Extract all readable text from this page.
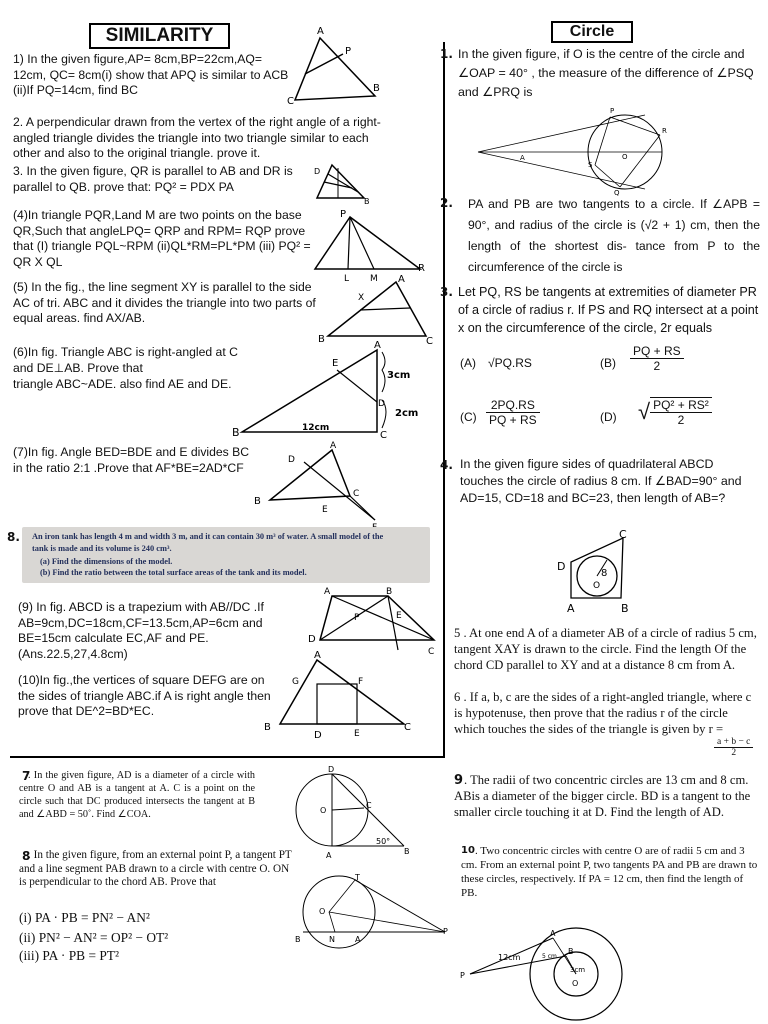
SIMILARITY
1) In the given figure,AP= 8cm,BP=22cm,AQ= 12cm, QC= 8cm(i) show that APQ is similar to ACB (ii)If PQ=14cm, find BC
A
P
B
C
2. A perpendicular drawn from the vertex of the right angle of a right-angled triangle divides the triangle into two triangle similar to each other and also to the original triangle. prove it.
3. In the given figure, QR is parallel to AB and DR is parallel to QB. prove that: PQ² = PDX PA
D
B
(4)In triangle PQR,Land M are two points on the base QR,Such that angleLPQ= QRP and RPM= RQP prove that (I) triangle PQL~RPM (ii)QL*RM=PL*PM (iii) PQ² = QR X QL
P
L M
R
(5) In the fig., the line segment XY is parallel to the side AC of tri. ABC and it divides the triangle into two parts of equal areas. find AX/AB.
A
X
B	C
(6)In fig. Triangle ABC is right-angled at C
and DE⊥AB. Prove that
triangle ABC~ADE. also find AE and DE.
E
A
D
B	C
3cm
2cm
12cm
(7)In fig. Angle BED=BDE and E divides BC in the ratio 2:1 .Prove that AF*BE=2AD*CF
A
D
B
C
E
8. An iron tank has length 4 m and width 3 m, and it can contain 30 m³ of water. A small model of the
tank is made and its volume is 240 cm³.
(a) Find the dimensions of the model.
(b) Find the ratio between the total surface areas of the tank and its model.
(9) In fig. ABCD is a trapezium with AB//DC .If AB=9cm,DC=18cm,CF=13.5cm,AP=6cm and BE=15cm calculate EC,AF and PE. (Ans.22.5,27,4.8cm)
A	B
P	E
D
C
(10)In fig.,the vertices of square DEFG are on the sides of triangle ABC.if A is right angle then prove that DE^2=BD*EC.
A
G	F
B
D	E
C
Circle
1. In the given figure, if O is the centre of the circle and ∠OAP = 40° , the measure of the difference of ∠PSQ and ∠PRQ is
P
R
A	O
S
Q
2. PA and PB are two tangents to a circle. If ∠APB = 90°, and radius of the circle is (√2 + 1) cm, then the length of the shortest dis- tance from P to the circumference of the circle is
3. Let PQ, RS be tangents at extremities of diameter PR of a circle of radius r. If PS and RQ intersect at a point x on the circumference of the circle, 2r equals
(A) √PQ.RS	$(B) \frac{PQ + RS}{2}$
$(C) \frac{2PQ.RS}{PQ + RS}$	(D) √ $\frac{\text{PQ² + RS²}}{2}$
4. In the given figure sides of quadrilateral ABCD touches the circle of radius 8 cm. If ∠BAD=90° and AD=15, CD=18 and BC=23, then length of AB=?
C
D
8
O
A	B
5 . At one end A of a diameter AB of a circle of radius 5 cm, tangent XAY is drawn to the circle. Find the length Of the chord CD parallel to XY and at a distance 8 cm from A.
6 . If a, b, c are the sides of a right-angled triangle, where c is hypotenuse, then prove that the radius r of the circle which touches the sides of the triangle is given by r =
$\frac{a + b - c}{2}$
9 . The radii of two concentric circles are 13 cm and 8 cm. ABis a diameter of the bigger circle. BD is a tangent to the smaller circle touching it at D. Find the length of AD.
10 . Two concentric circles with centre O are of radii 5 cm and 3 cm. From an external point P, two tangents PA and PB are drawn to these circles, respectively. If PA = 12 cm, then find the length of PB.
P
A
B
O
12cm	5 cm
3cm
7
. In the given figure, AD is a diameter of a circle with centre O and AB is a tangent at A. C is a point on the circle such that DC produced intersects the tangent at B and ∠ABD = 50˚. Find ∠COA.
D
O
C
A	B
50°
8
. In the given figure, from an external point P, a tangent PT and a line segment PAB drawn to a circle with centre O. ON is perpendicular to the chord AB. Prove that
(i) PA · PB = PN² − AN²
(ii) PN² − AN² = OP² − OT²
(iii) PA · PB = PT²
T
O
B	N	A
P
